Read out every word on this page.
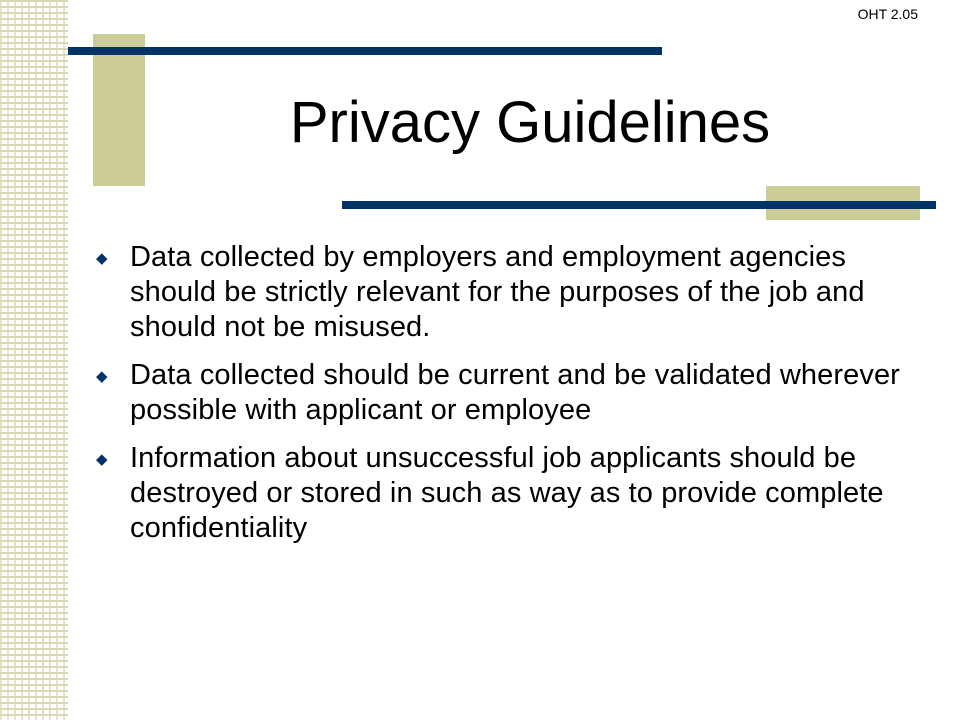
OHT 2.05
Privacy Guidelines
◆ Data collected by employers and employment agencies should be strictly relevant for the purposes of the job and should not be misused.
◆ Data collected should be current and be validated wherever possible with applicant or employee
◆ Information about unsuccessful job applicants should be destroyed or stored in such as way as to provide complete confidentiality
